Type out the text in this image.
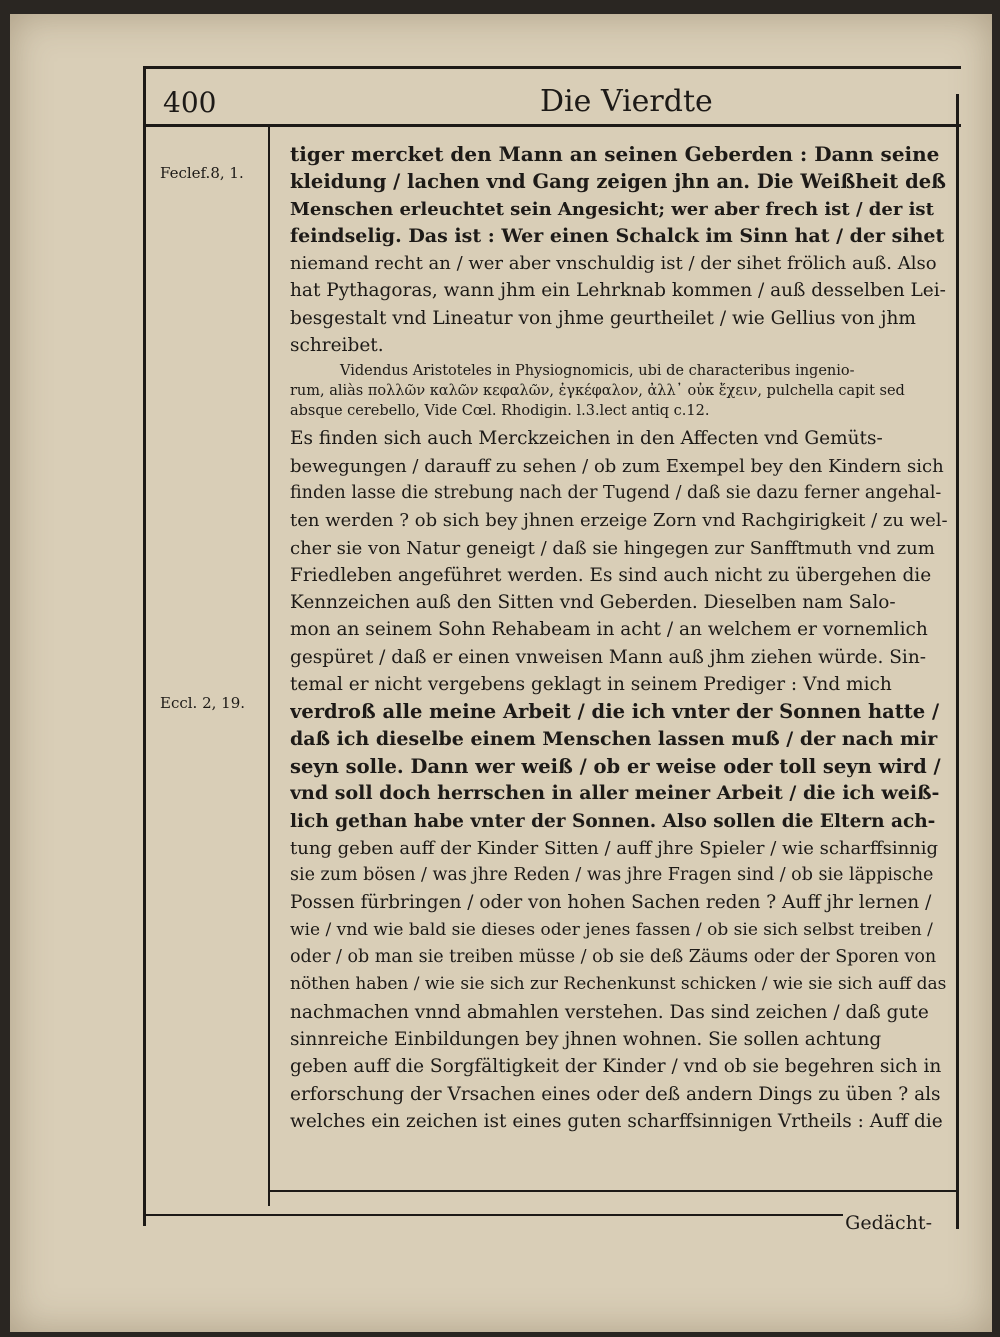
400	Die Vierdte
Feclef.8, 1.
Eccl. 2, 19.
tiger mercket den Mann an seinen Geberden : Dann seine
kleidung / lachen vnd Gang zeigen jhn an. Die Weißheit deß
Menschen erleuchtet sein Angesicht; wer aber frech ist / der ist
feindselig. Das ist : Wer einen Schalck im Sinn hat / der sihet
niemand recht an / wer aber vnschuldig ist / der sihet frölich auß. Also
hat Pythagoras, wann jhm ein Lehrknab kommen / auß desselben Lei-
besgestalt vnd Lineatur von jhme geurtheilet / wie Gellius von jhm
schreibet.
Videndus Aristoteles in Physiognomicis, ubi de characteribus ingenio-
rum, aliàs πολλῶν καλῶν κεφαλῶν, ἐγκέφαλον, ἀλλ᾽ οὐκ ἔχειν, pulchella capit sed
absque cerebello, Vide Cœl. Rhodigin. l.3.lect antiq c.12.
Es finden sich auch Merckzeichen in den Affecten vnd Gemüts-
bewegungen / darauff zu sehen / ob zum Exempel bey den Kindern sich
finden lasse die strebung nach der Tugend / daß sie dazu ferner angehal-
ten werden ? ob sich bey jhnen erzeige Zorn vnd Rachgirigkeit / zu wel-
cher sie von Natur geneigt / daß sie hingegen zur Sanfftmuth vnd zum
Friedleben angeführet werden. Es sind auch nicht zu übergehen die
Kennzeichen auß den Sitten vnd Geberden. Dieselben nam Salo-
mon an seinem Sohn Rehabeam in acht / an welchem er vornemlich
gespüret / daß er einen vnweisen Mann auß jhm ziehen würde. Sin-
temal er nicht vergebens geklagt in seinem Prediger : Vnd mich
verdroß alle meine Arbeit / die ich vnter der Sonnen hatte /
daß ich dieselbe einem Menschen lassen muß / der nach mir
seyn solle. Dann wer weiß / ob er weise oder toll seyn wird /
vnd soll doch herrschen in aller meiner Arbeit / die ich weiß-
lich gethan habe vnter der Sonnen. Also sollen die Eltern ach-
tung geben auff der Kinder Sitten / auff jhre Spieler / wie scharffsinnig
sie zum bösen / was jhre Reden / was jhre Fragen sind / ob sie läppische
Possen fürbringen / oder von hohen Sachen reden ? Auff jhr lernen /
wie / vnd wie bald sie dieses oder jenes fassen / ob sie sich selbst treiben /
oder / ob man sie treiben müsse / ob sie deß Zäums oder der Sporen von
nöthen haben / wie sie sich zur Rechenkunst schicken / wie sie sich auff das
nachmachen vnnd abmahlen verstehen. Das sind zeichen / daß gute
sinnreiche Einbildungen bey jhnen wohnen. Sie sollen achtung
geben auff die Sorgfältigkeit der Kinder / vnd ob sie begehren sich in
erforschung der Vrsachen eines oder deß andern Dings zu üben ? als
welches ein zeichen ist eines guten scharffsinnigen Vrtheils : Auff die
Gedächt-
